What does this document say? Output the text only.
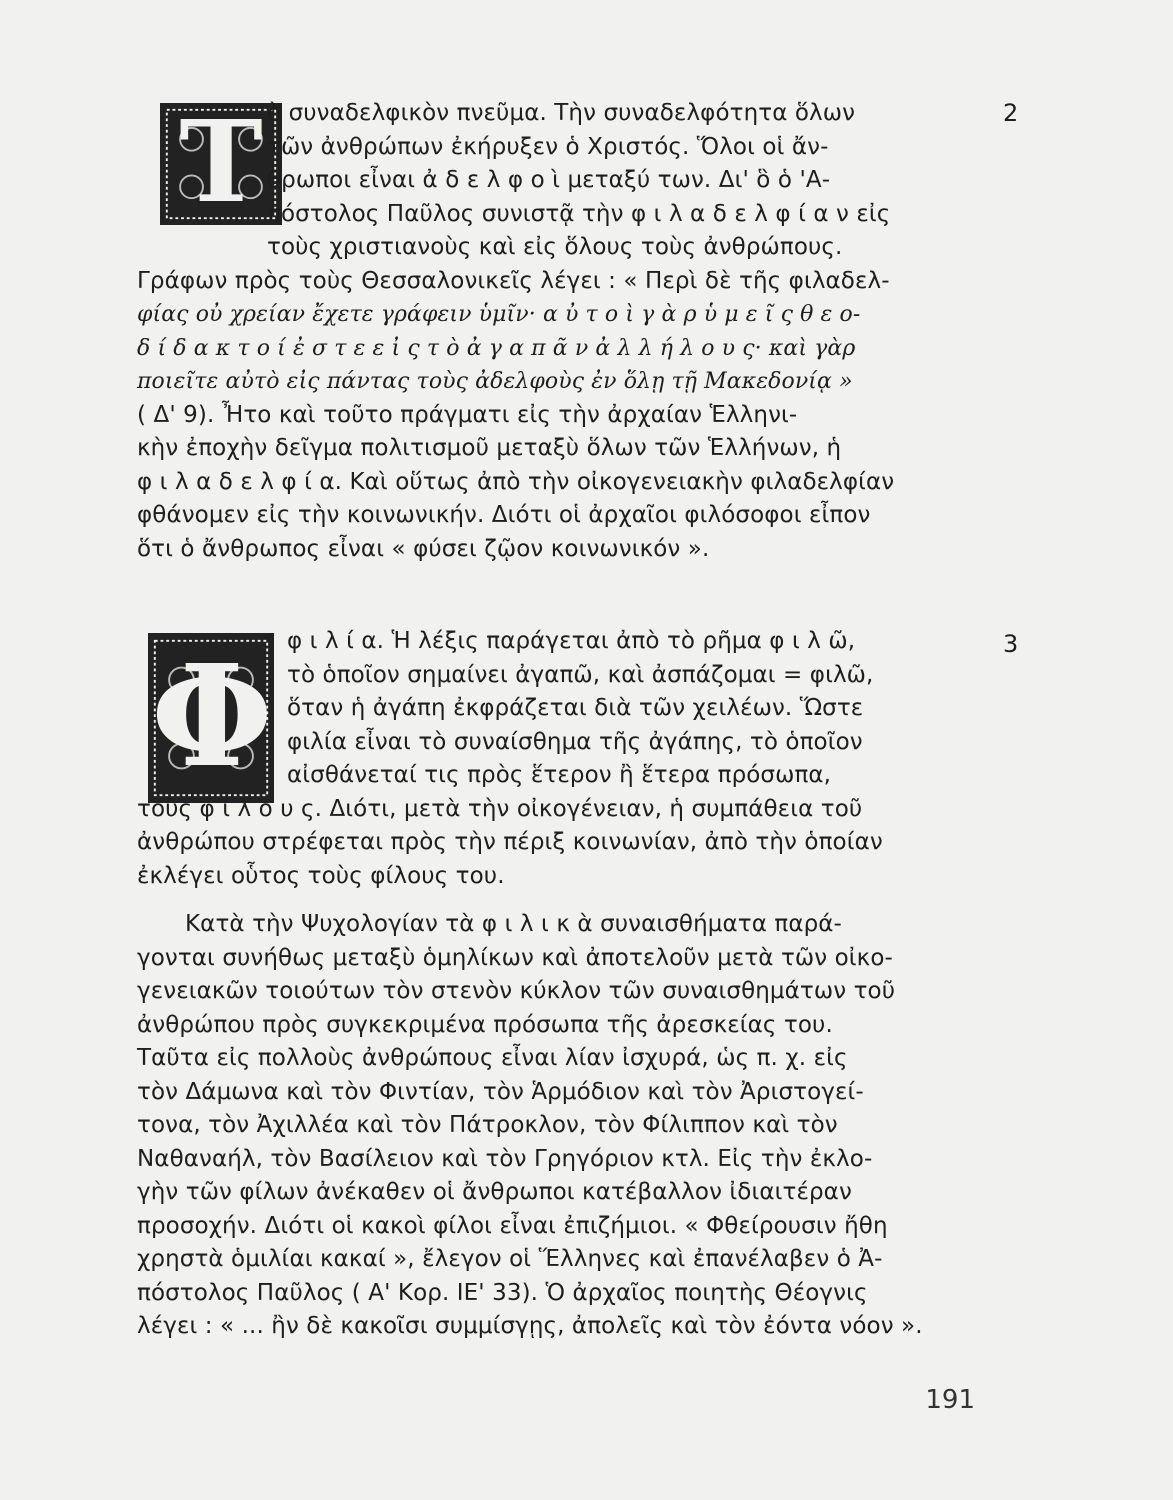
T ὸ συναδελφικὸν πνεῦμα. Τὴν συναδελφότητα ὅλων
τῶν ἀνθρώπων ἐκήρυξεν ὁ Χριστός. Ὅλοι οἱ ἄν-
θρωποι εἶναι ἀ δ ε λ φ ο ὶ μεταξύ των. Δι' ὃ ὁ 'Α-
πόστολος Παῦλος συνιστᾷ τὴν φ ι λ α δ ε λ φ ί α ν εἰς
τοὺς χριστιανοὺς καὶ εἰς ὅλους τοὺς ἀνθρώπους.
Γράφων πρὸς τοὺς Θεσσαλονικεῖς λέγει : « Περὶ δὲ τῆς φιλαδελ-
φίας οὐ χρείαν ἔχετε γράφειν ὑμῖν· α ὐ τ ο ὶ γ ὰ ρ ὑ μ ε ῖ ς θ ε ο-
δ ί δ α κ τ ο ί ἐ σ τ ε ε ἰ ς τ ὸ ἀ γ α π ᾶ ν ἀ λ λ ή λ ο υ ς· καὶ γὰρ
ποιεῖτε αὐτὸ εἰς πάντας τοὺς ἀδελφοὺς ἐν ὅλῃ τῇ Μακεδονίᾳ »
( Δ' 9). Ἦτο καὶ τοῦτο πράγματι εἰς τὴν ἀρχαίαν Ἑλληνι-
κὴν ἐποχὴν δεῖγμα πολιτισμοῦ μεταξὺ ὅλων τῶν Ἑλλήνων, ἡ
φ ι λ α δ ε λ φ ί α. Καὶ οὕτως ἀπὸ τὴν οἰκογενειακὴν φιλαδελφίαν
φθάνομεν εἰς τὴν κοινωνικήν. Διότι οἱ ἀρχαῖοι φιλόσοφοι εἶπον
ὅτι ὁ ἄνθρωπος εἶναι « φύσει ζῷον κοινωνικόν ».
2
Φ φ ι λ ί α. Ἡ λέξις παράγεται ἀπὸ τὸ ρῆμα φ ι λ ῶ,
τὸ ὁποῖον σημαίνει ἀγαπῶ, καὶ ἀσπάζομαι = φιλῶ,
ὅταν ἡ ἀγάπη ἐκφράζεται διὰ τῶν χειλέων. Ὥστε
φιλία εἶναι τὸ συναίσθημα τῆς ἀγάπης, τὸ ὁποῖον
αἰσθάνεταί τις πρὸς ἕτερον ἢ ἕτερα πρόσωπα,
τοὺς φ ί λ ο υ ς. Διότι, μετὰ τὴν οἰκογένειαν, ἡ συμπάθεια τοῦ
ἀνθρώπου στρέφεται πρὸς τὴν πέριξ κοινωνίαν, ἀπὸ τὴν ὁποίαν
ἐκλέγει οὗτος τοὺς φίλους του.
3
Κατὰ τὴν Ψυχολογίαν τὰ φ ι λ ι κ ὰ συναισθήματα παρά-
γονται συνήθως μεταξὺ ὁμηλίκων καὶ ἀποτελοῦν μετὰ τῶν οἰκο-
γενειακῶν τοιούτων τὸν στενὸν κύκλον τῶν συναισθημάτων τοῦ
ἀνθρώπου πρὸς συγκεκριμένα πρόσωπα τῆς ἀρεσκείας του.
Ταῦτα εἰς πολλοὺς ἀνθρώπους εἶναι λίαν ἰσχυρά, ὡς π. χ. εἰς
τὸν Δάμωνα καὶ τὸν Φιντίαν, τὸν Ἁρμόδιον καὶ τὸν Ἀριστογεί-
τονα, τὸν Ἀχιλλέα καὶ τὸν Πάτροκλον, τὸν Φίλιππον καὶ τὸν
Ναθαναήλ, τὸν Βασίλειον καὶ τὸν Γρηγόριον κτλ. Εἰς τὴν ἐκλο-
γὴν τῶν φίλων ἀνέκαθεν οἱ ἄνθρωποι κατέβαλλον ἰδιαιτέραν
προσοχήν. Διότι οἱ κακοὶ φίλοι εἶναι ἐπιζήμιοι. « Φθείρουσιν ἤθη
χρηστὰ ὁμιλίαι κακαί », ἔλεγον οἱ Ἕλληνες καὶ ἐπανέλαβεν ὁ Ἀ-
πόστολος Παῦλος ( Α' Κορ. ΙΕ' 33). Ὁ ἀρχαῖος ποιητὴς Θέογνις
λέγει : « ... ἢν δὲ κακοῖσι συμμίσγῃς, ἀπολεῖς καὶ τὸν ἐόντα νόον ».
191
